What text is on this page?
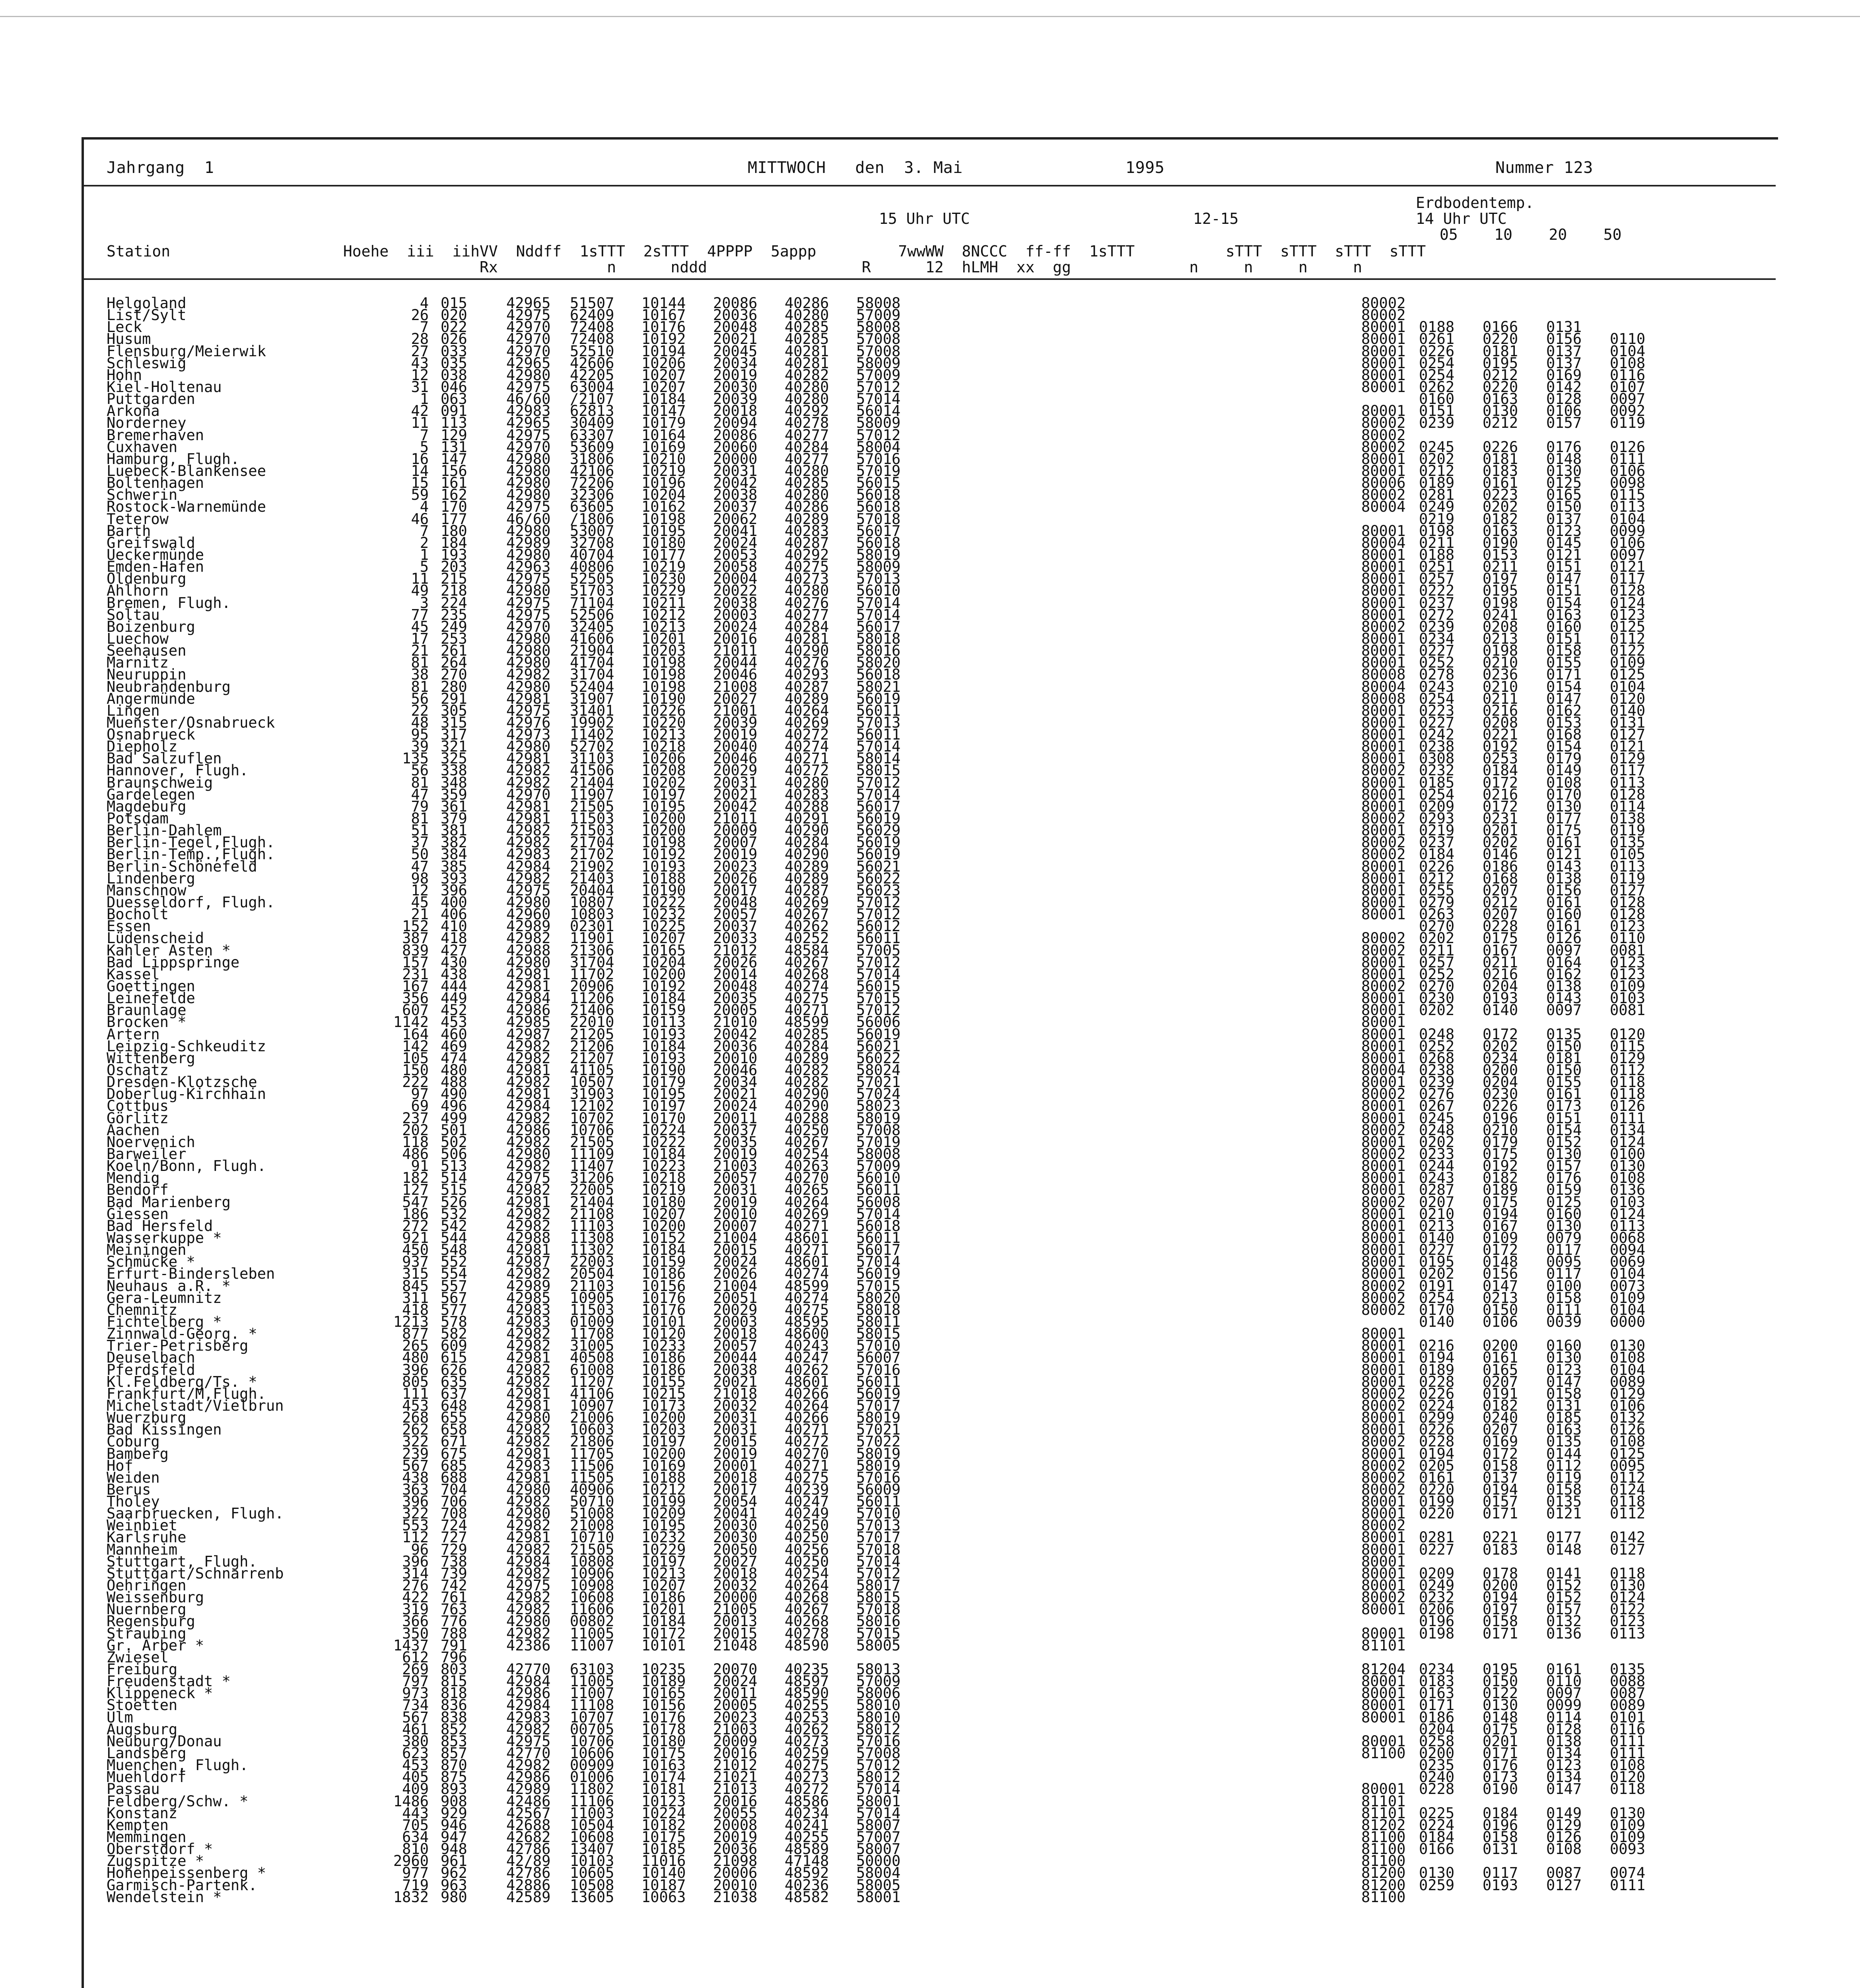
Jahrgang  1	MITTWOCH   den  3. Mai	1995	Nummer 123
Erdbodentemp.
14 Uhr UTC
15 Uhr UTC	12-15
05    10    20    50
Station                   Hoehe  iii  iihVV  Nddff  1sTTT  2sTTT  4PPPP  5appp         7wwWW  8NCCC  ff-ff  1sTTT          sTTT  sTTT  sTTT  sTTT
Rx            n      nddd                 R      12  hLMH  xx  gg             n     n     n     n
Helgoland	4 015	42965 51507 10144 20086 40286 58008	80002
List/Sylt	26 020	42975 62409 10167 20036 40280 57009	80002
Leck	7 022	42970 72408 10176 20048 40285 58008	80001 0188 0166 0131
Husum	28 026	42970 72408 10192 20021 40285 57008	80001 0261 0220 0156 0110
Flensburg/Meierwik	27 033	42970 52510 10194 20045 40281 57008	80001 0226 0181 0137 0104
Schleswig	43 035	42965 42606 10206 20034 40281 58009	80001 0254 0195 0137 0108
Hohn	12 038	42980 42205 10207 20019 40282 57009	80001 0254 0212 0169 0116
Kiel-Holtenau	31 046	42975 63004 10207 20030 40280 57012	80001 0262 0220 0142 0107
Puttgarden	1 063	46/60 /2107 10184 20039 40280 57014	0160 0163 0128 0097
Arkona	42 091	42983 62813 10147 20018 40292 56014	80001 0151 0130 0106 0092
Norderney	11 113	42965 30409 10179 20094 40278 58009	80002 0239 0212 0157 0119
Bremerhaven	7 129	42975 63307 10164 20086 40277 57012	80002
Cuxhaven	5 131	42970 53609 10169 20060 40284 58004	80002 0245 0226 0176 0126
Hamburg, Flugh.	16 147	42980 31806 10210 20000 40277 57016	80001 0202 0181 0148 0111
Luebeck-Blankensee	14 156	42980 42106 10219 20031 40280 57019	80001 0212 0183 0130 0106
Boltenhagen	15 161	42980 72206 10196 20042 40285 56015	80006 0189 0161 0125 0098
Schwerin	59 162	42980 32306 10204 20038 40280 56018	80002 0281 0223 0165 0115
Rostock-Warnemünde	4 170	42975 63605 10162 20037 40286 56018	80004 0249 0202 0150 0113
Teterow	46 177	46/60 /1806 10198 20062 40289 57018	0219 0182 0137 0104
Barth	7 180	42980 53007 10195 20041 40283 56017	80001 0198 0163 0123 0099
Greifswald	2 184	42989 32708 10180 20024 40287 56018	80004 0211 0190 0145 0106
Ueckermünde	1 193	42980 40704 10177 20053 40292 58019	80001 0188 0153 0121 0097
Emden-Hafen	5 203	42963 40806 10219 20058 40275 58009	80001 0251 0211 0151 0121
Oldenburg	11 215	42975 52505 10230 20004 40273 57013	80001 0257 0197 0147 0117
Ahlhorn	49 218	42980 51703 10229 20022 40280 56010	80001 0222 0195 0151 0128
Bremen, Flugh.	3 224	42975 71104 10211 20038 40276 57014	80001 0237 0198 0154 0124
Soltau	77 235	42975 52506 10212 20003 40277 57014	80001 0272 0241 0163 0123
Boizenburg	45 249	42970 32405 10213 20024 40284 56017	80002 0239 0208 0160 0125
Luechow	17 253	42980 41606 10201 20016 40281 58018	80001 0234 0213 0151 0112
Seehausen	21 261	42980 21904 10203 21011 40290 58016	80001 0227 0198 0158 0122
Marnitz	81 264	42980 41704 10198 20044 40276 58020	80001 0252 0210 0155 0109
Neuruppin	38 270	42982 31704 10198 20046 40293 56018	80008 0278 0236 0171 0125
Neubrandenburg	81 280	42980 52404 10198 21008 40287 58021	80004 0243 0210 0154 0104
Angermünde	56 291	42981 31907 10190 20027 40289 56019	80008 0254 0211 0147 0120
Lingen	22 305	42975 31401 10226 21001 40264 56011	80001 0223 0216 0162 0140
Muenster/Osnabrueck	48 315	42976 19902 10220 20039 40269 57013	80001 0227 0208 0153 0131
Osnabrueck	95 317	42973 11402 10213 20019 40272 56011	80001 0242 0221 0168 0127
Diepholz	39 321	42980 52702 10218 20040 40274 57014	80001 0238 0192 0154 0121
Bad Salzuflen	135 325	42981 31103 10206 20046 40271 58014	80001 0308 0253 0179 0129
Hannover, Flugh.	56 338	42982 41506 10208 20029 40272 58015	80002 0232 0184 0149 0117
Braunschweig	81 348	42982 21404 10202 20031 40280 57012	80001 0185 0172 0108 0113
Gardelegen	47 359	42970 11907 10197 20021 40283 57014	80001 0254 0216 0170 0128
Magdeburg	79 361	42981 21505 10195 20042 40288 56017	80001 0209 0172 0130 0114
Potsdam	81 379	42981 11503 10200 21011 40291 56019	80002 0293 0231 0177 0138
Berlin-Dahlem	51 381	42982 21503 10200 20009 40290 56029	80001 0219 0201 0175 0119
Berlin-Tegel,Flugh.	37 382	42982 21704 10198 20007 40284 56019	80002 0237 0202 0161 0135
Berlin-Temp.,Flugh.	50 384	42983 21702 10192 20019 40290 56019	80002 0184 0146 0121 0105
Berlin-Schönefeld	47 385	42984 21902 10193 20023 40289 56021	80001 0226 0186 0143 0113
Lindenberg	98 393	42982 21403 10188 20026 40289 56022	80001 0212 0168 0138 0119
Manschnow	12 396	42975 20404 10190 20017 40287 56023	80001 0255 0207 0156 0127
Duesseldorf, Flugh.	45 400	42980 10807 10222 20048 40269 57012	80001 0279 0212 0161 0128
Bocholt	21 406	42960 10803 10232 20057 40267 57012	80001 0263 0207 0160 0128
Essen	152 410	42989 02301 10225 20037 40262 56012	0270 0228 0161 0123
Lüdenscheid	387 418	42982 11901 10207 20033 40252 56011	80002 0202 0175 0126 0110
Kahler Asten *	839 427	42988 21306 10165 21012 48584 57005	80002 0211 0167 0097 0081
Bad Lippspringe	157 430	42980 31704 10204 20026 40267 57012	80001 0257 0211 0164 0123
Kassel	231 438	42981 11702 10200 20014 40268 57014	80001 0252 0216 0162 0123
Goettingen	167 444	42981 20906 10192 20048 40274 56015	80002 0270 0204 0138 0109
Leinefelde	356 449	42984 11206 10184 20035 40275 57015	80001 0230 0193 0143 0103
Braunlage	607 452	42986 21406 10159 20005 40271 57012	80001 0202 0140 0097 0081
Brocken *	1142 453	42985 22010 10113 21010 48599 56006	80001
Artern	164 460	42987 21205 10193 20042 40285 56019	80001 0248 0172 0135 0120
Leipzig-Schkeuditz	142 469	42982 21206 10184 20036 40284 56021	80001 0252 0202 0150 0115
Wittenberg	105 474	42982 21207 10193 20010 40289 56022	80001 0268 0234 0181 0129
Oschatz	150 480	42981 41105 10190 20046 40282 58024	80004 0238 0200 0150 0112
Dresden-Klotzsche	222 488	42982 10507 10179 20034 40282 57021	80001 0239 0204 0155 0118
Doberlug-Kirchhain	97 490	42981 31903 10195 20021 40290 57024	80002 0276 0230 0161 0118
Cottbus	69 496	42984 12102 10197 20024 40290 58023	80001 0267 0226 0173 0126
Görlitz	237 499	42982 10702 10170 20011 40288 58019	80001 0245 0196 0151 0111
Aachen	202 501	42986 10706 10224 20037 40250 57008	80002 0248 0210 0154 0134
Noervenich	118 502	42982 21505 10222 20035 40267 57019	80001 0202 0179 0152 0124
Barweiler	486 506	42980 11109 10184 20019 40254 58008	80002 0233 0175 0130 0100
Koeln/Bonn, Flugh.	91 513	42982 11407 10223 21003 40263 57009	80001 0244 0192 0157 0130
Mendig	182 514	42975 31206 10218 20057 40270 56010	80001 0243 0182 0176 0108
Bendorf	127 515	42982 22005 10219 20031 40265 56011	80001 0287 0189 0159 0136
Bad Marienberg	547 526	42981 21404 10180 20019 40264 56008	80002 0207 0175 0125 0103
Giessen	186 532	42982 21108 10207 20010 40269 57014	80001 0210 0194 0160 0124
Bad Hersfeld	272 542	42982 11103 10200 20007 40271 56018	80001 0213 0167 0130 0113
Wasserkuppe *	921 544	42988 11308 10152 21004 48601 56011	80001 0140 0109 0079 0068
Meiningen	450 548	42981 11302 10184 20015 40271 56017	80001 0227 0172 0117 0094
Schmücke *	937 552	42987 22003 10159 20024 48601 57014	80001 0195 0148 0095 0069
Erfurt-Bindersleben	315 554	42982 20504 10186 20026 40274 56019	80001 0202 0156 0117 0104
Neuhaus a.R. *	845 557	42989 21103 10156 21004 48599 57015	80002 0191 0147 0100 0073
Gera-Leumnitz	311 567	42985 10905 10176 20051 40274 58020	80002 0254 0213 0158 0109
Chemnitz	418 577	42983 11503 10176 20029 40275 58018	80002 0170 0150 0111 0104
Fichtelberg *	1213 578	42983 01009 10101 20003 48595 58011	0140 0106 0039 0000
Zinnwald-Georg. *	877 582	42982 11708 10120 20018 48600 58015	80001
Trier-Petrisberg	265 609	42982 31005 10233 20057 40243 57010	80001 0216 0200 0160 0130
Deuselbach	480 615	42981 40508 10186 20044 40247 56007	80001 0194 0161 0130 0108
Pferdsfeld	396 626	42982 61008 10186 20038 40262 57016	80001 0189 0165 0123 0104
Kl.Feldberg/Ts. *	805 635	42982 11207 10155 20021 48601 56011	80001 0228 0207 0147 0089
Frankfurt/M,Flugh.	111 637	42981 41106 10215 21018 40266 56019	80002 0226 0191 0158 0129
Michelstadt/Vielbrun	453 648	42981 10907 10173 20032 40264 57017	80002 0224 0182 0131 0106
Wuerzburg	268 655	42980 21006 10200 20031 40266 58019	80001 0299 0240 0185 0132
Bad Kissingen	262 658	42982 10603 10203 20031 40271 57021	80001 0226 0207 0163 0126
Coburg	322 671	42982 21806 10197 20015 40272 57022	80002 0228 0169 0135 0108
Bamberg	239 675	42981 11705 10200 20019 40270 58019	80001 0194 0172 0144 0125
Hof	567 685	42983 11506 10169 20001 40271 58019	80002 0205 0158 0112 0095
Weiden	438 688	42981 11505 10188 20018 40275 57016	80002 0161 0137 0119 0112
Berus	363 704	42980 40906 10212 20017 40239 56009	80002 0220 0194 0158 0124
Tholey	396 706	42982 50710 10199 20054 40247 56011	80001 0199 0157 0135 0118
Saarbruecken, Flugh.	322 708	42980 51008 10209 20041 40249 57010	80001 0220 0171 0121 0112
Weinbiet	553 724	42982 21008 10195 20030 40250 57013	80002
Karlsruhe	112 727	42981 10710 10232 20030 40250 57017	80001 0281 0221 0177 0142
Mannheim	96 729	42982 21505 10229 20050 40256 57018	80001 0227 0183 0148 0127
Stuttgart, Flugh.	396 738	42984 10808 10197 20027 40250 57014	80001
Stuttgart/Schnarrenb	314 739	42982 10906 10213 20018 40254 57012	80001 0209 0178 0141 0118
Oehringen	276 742	42975 10908 10207 20032 40264 58017	80001 0249 0200 0152 0130
Weissenburg	422 761	42982 10608 10186 20000 40268 58015	80002 0232 0194 0152 0124
Nuernberg	319 763	42982 11606 10201 21005 40267 57018	80001 0206 0197 0157 0122
Regensburg	366 776	42980 00802 10184 20013 40268 58016	0196 0158 0132 0123
Straubing	350 788	42982 11005 10172 20015 40278 57015	80001 0198 0171 0136 0113
Gr. Arber *	1437 791	42386 11007 10101 21048 48590 58005	81101
Zwiesel	612 796
Freiburg	269 803	42770 63103 10235 20070 40235 58013	81204 0234 0195 0161 0135
Freudenstadt *	797 815	42984 11005 10189 20024 48597 57009	80001 0183 0150 0110 0088
Klippeneck *	973 818	42986 11007 10165 20011 48590 58006	80001 0163 0122 0097 0087
Stoetten	734 836	42984 11108 10156 20005 40255 58010	80001 0171 0130 0099 0089
Ulm	567 838	42983 10707 10176 20023 40253 58010	80001 0186 0148 0114 0101
Augsburg	461 852	42982 00705 10178 21003 40262 58012	0204 0175 0128 0116
Neuburg/Donau	380 853	42975 10706 10180 20009 40273 57016	80001 0258 0201 0138 0111
Landsberg	623 857	42770 10606 10175 20016 40259 57008	81100 0200 0171 0134 0111
Muenchen, Flugh.	453 870	42982 00909 10163 21012 40275 57012	0235 0176 0123 0108
Muehldorf	405 875	42986 01006 10174 21021 40273 58012	0240 0173 0134 0120
Passau	409 893	42989 11802 10181 21013 40272 57014	80001 0228 0190 0147 0118
Feldberg/Schw. *	1486 908	42486 11106 10123 20016 48586 58001	81101
Konstanz	443 929	42567 11003 10224 20055 40234 57014	81101 0225 0184 0149 0130
Kempten	705 946	42688 10504 10182 20008 40241 58007	81202 0224 0196 0129 0109
Memmingen	634 947	42682 10608 10175 20019 40255 57007	81100 0184 0158 0126 0109
Oberstdorf *	810 948	42786 13407 10185 20036 48589 58007	81100 0166 0131 0108 0093
Zugspitze *	2960 961	42/89 10103 11016 21098 47148 50000	81100
Hohenpeissenberg *	977 962	42786 10605 10140 20006 48592 58004	81200 0130 0117 0087 0074
Garmisch-Partenk.	719 963	42886 10508 10187 20010 40236 58005	81200 0259 0193 0127 0111
Wendelstein *	1832 980	42589 13605 10063 21038 48582 58001	81100
